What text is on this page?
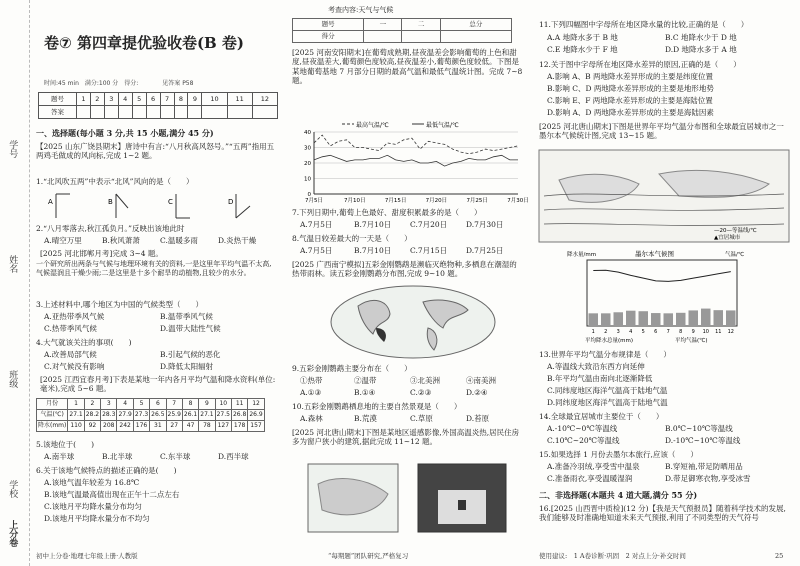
学号
姓名
班级
学校
上分卷
卷⑦ 第四章提优验收卷(B 卷)
时间:45 min　满分:100 分　得分:　　　　见答案 P58
题号	1	2	3	4	5	6	7	8	9	10	11	12
答案												
一、选择题(每小题 3 分,共 15 小题,满分 45 分)
【2025 山东广饶县期末】唐诗中有言:“八月秋高风怒号。”“五两”指用五两鸡毛做成的风向标,完成 1~2 题。
1.“北风吹五两”中表示“北风”风向的是（　　）
A	B	C	D
2.“八月零落去,秋江孤负月。”反映出该地此时
A.晴空万里	B.秋风萧萧	C.温暖多雨	D.炎热干燥
[2025 河北邯郸月考]完成 3~4 题。
一个研究所出两条与气候与地理环境有关的资料,一是这里年平均气温不太高,气候湿润且干燥少雨;二是这里是十多个耐旱的动植物,且较少的水分。
3.上述材料中,哪个地区为中国的气候类型（　　）
A.亚热带季风气候	B.温带季风气候
C.热带季风气候	D.温带大陆性气候
4.大气就该关注的事项(　　)
A.改善局部气候	B.引起气候的恶化
C.对气候没有影响	D.降低太阳辐射
[2025 江西宜春月考]下表是某地一年内各月平均气温和降水资料(单位:毫米),完成 5~6 题。
月份	1	2	3	4	5	6	7	8	9	10	11	12
气温(℃)	27.1	28.2	28.3	27.9	27.3	26.5	25.9	26.1	27.1	27.5	26.8	26.9
降水(mm)	110	92	208	242	176	31	27	47	78	127	178	157
5.该地位于(　　)
A.南半球	B.北半球	C.东半球	D.西半球
6.关于该地气候特点的描述正确的是(　　)
A.该地气温年较差为 16.8℃
B.该地气温最高值出现在正午十二点左右
C.该地月平均降水量分布均匀
D.该地月平均降水量分布不均匀
初中上分卷·地理七年级上册·人教版
考查内容:天气与气候
题号	一	二	总分
得分			
[2025 河南安阳期末]在葡萄成熟期,昼夜温差会影响葡萄的上色和甜度,昼夜温差大,葡萄颜色度较高,昼夜温差小,葡萄颜色度较低。下图是某地葡萄基地 7 月部分日期的最高气温和最低气温统计图。完成 7~8 题。
最高气温/℃	最低气温/℃
40
30
20
10
0
7月5日	7月10日	7月15日	7月20日	7月25日	7月30日
7.下列日期中,葡萄上色最好、甜度积累最多的是（　　）
A.7月5日	B.7月10日	C.7月20日	D.7月30日
8.气温日较差最大的一天是（　　）
A.7月5日	B.7月10日	C.7月15日	D.7月25日
[2025 广西南宁模拟]五彩金刚鹦鹉是濒临灭绝物种,多栖息在潮湿的热带雨林。读五彩金刚鹦鹉分布图,完成 9~10 题。
9.五彩金刚鹦鹉主要分布在（　　）
①热带	②温带	③北美洲	④南美洲
A.①③	B.①④	C.②③	D.②④
10.五彩金刚鹦鹉栖息地的主要自然景观是（　　）
A.森林	B.荒漠	C.草原	D.苔原
[2025 河北唐山期末]下图是某地区遥感影像,外国高温炎热,居民住房多为窗户狭小的建筑,据此完成 11~12 题。
“每期题”团队研究,严格复习
11.下列四幅图中字母所在地区降水量的比较,正确的是（　　）
A.A 地降水多于 B 地	B.C 地降水少于 D 地
C.E 地降水少于 F 地	D.D 地降水多于 A 地
12.关于图中字母所在地区降水差异的原因,正确的是（　　）
A.影响 A、B 两地降水差异形成的主要是纬度位置
B.影响 C、D 两地降水差异形成的主要是地形地势
C.影响 E、F 两地降水差异形成的主要是海陆位置
D.影响 A、D 两地降水差异形成的主要是海陆因素
[2025 河北唐山期末]下图是世界年平均气温分布图和全球最宜居城市之一墨尔本气候统计图,完成 13~15 题。
—20—等温线/℃
▲宜居城市
墨尔本气候图
降水量/mm	气温/℃
1 2 3 4 5 6 7 8 9 10 11 12
平均降水总量(mm)	平均气温(℃)
13.世界年平均气温分布规律是（　　）
A.等温线大致沿东西方向延伸
B.年平均气温由南向北逐渐降低
C.同纬度地区海洋气温高于陆地气温
D.同纬度地区海洋气温高于陆地气温
14.全球最宜居城市主要位于（　　）
A.-10℃~0℃等温线	B.0℃~10℃等温线
C.10℃~20℃等温线	D.-10℃~10℃等温线
15.如果选择 1 月份去墨尔本旅行,应该（　　）
A.准备冷羽绒,享受雪中温泉	B.穿短袖,带足防晒用品
C.准备雨衣,享受温暖湿润	D.带足御寒衣物,享受冰雪
二、非选择题(本题共 4 道大题,满分 55 分)
16.[2025 山西晋中质检](12 分)【我是天气预报员】随着科学技术的发展,我们能够及时准确地知道未来天气预报,利用了不同类型的天气符号
使用建议:　1 A卷诊断·巩固　2 对点上分·补交时间	25
